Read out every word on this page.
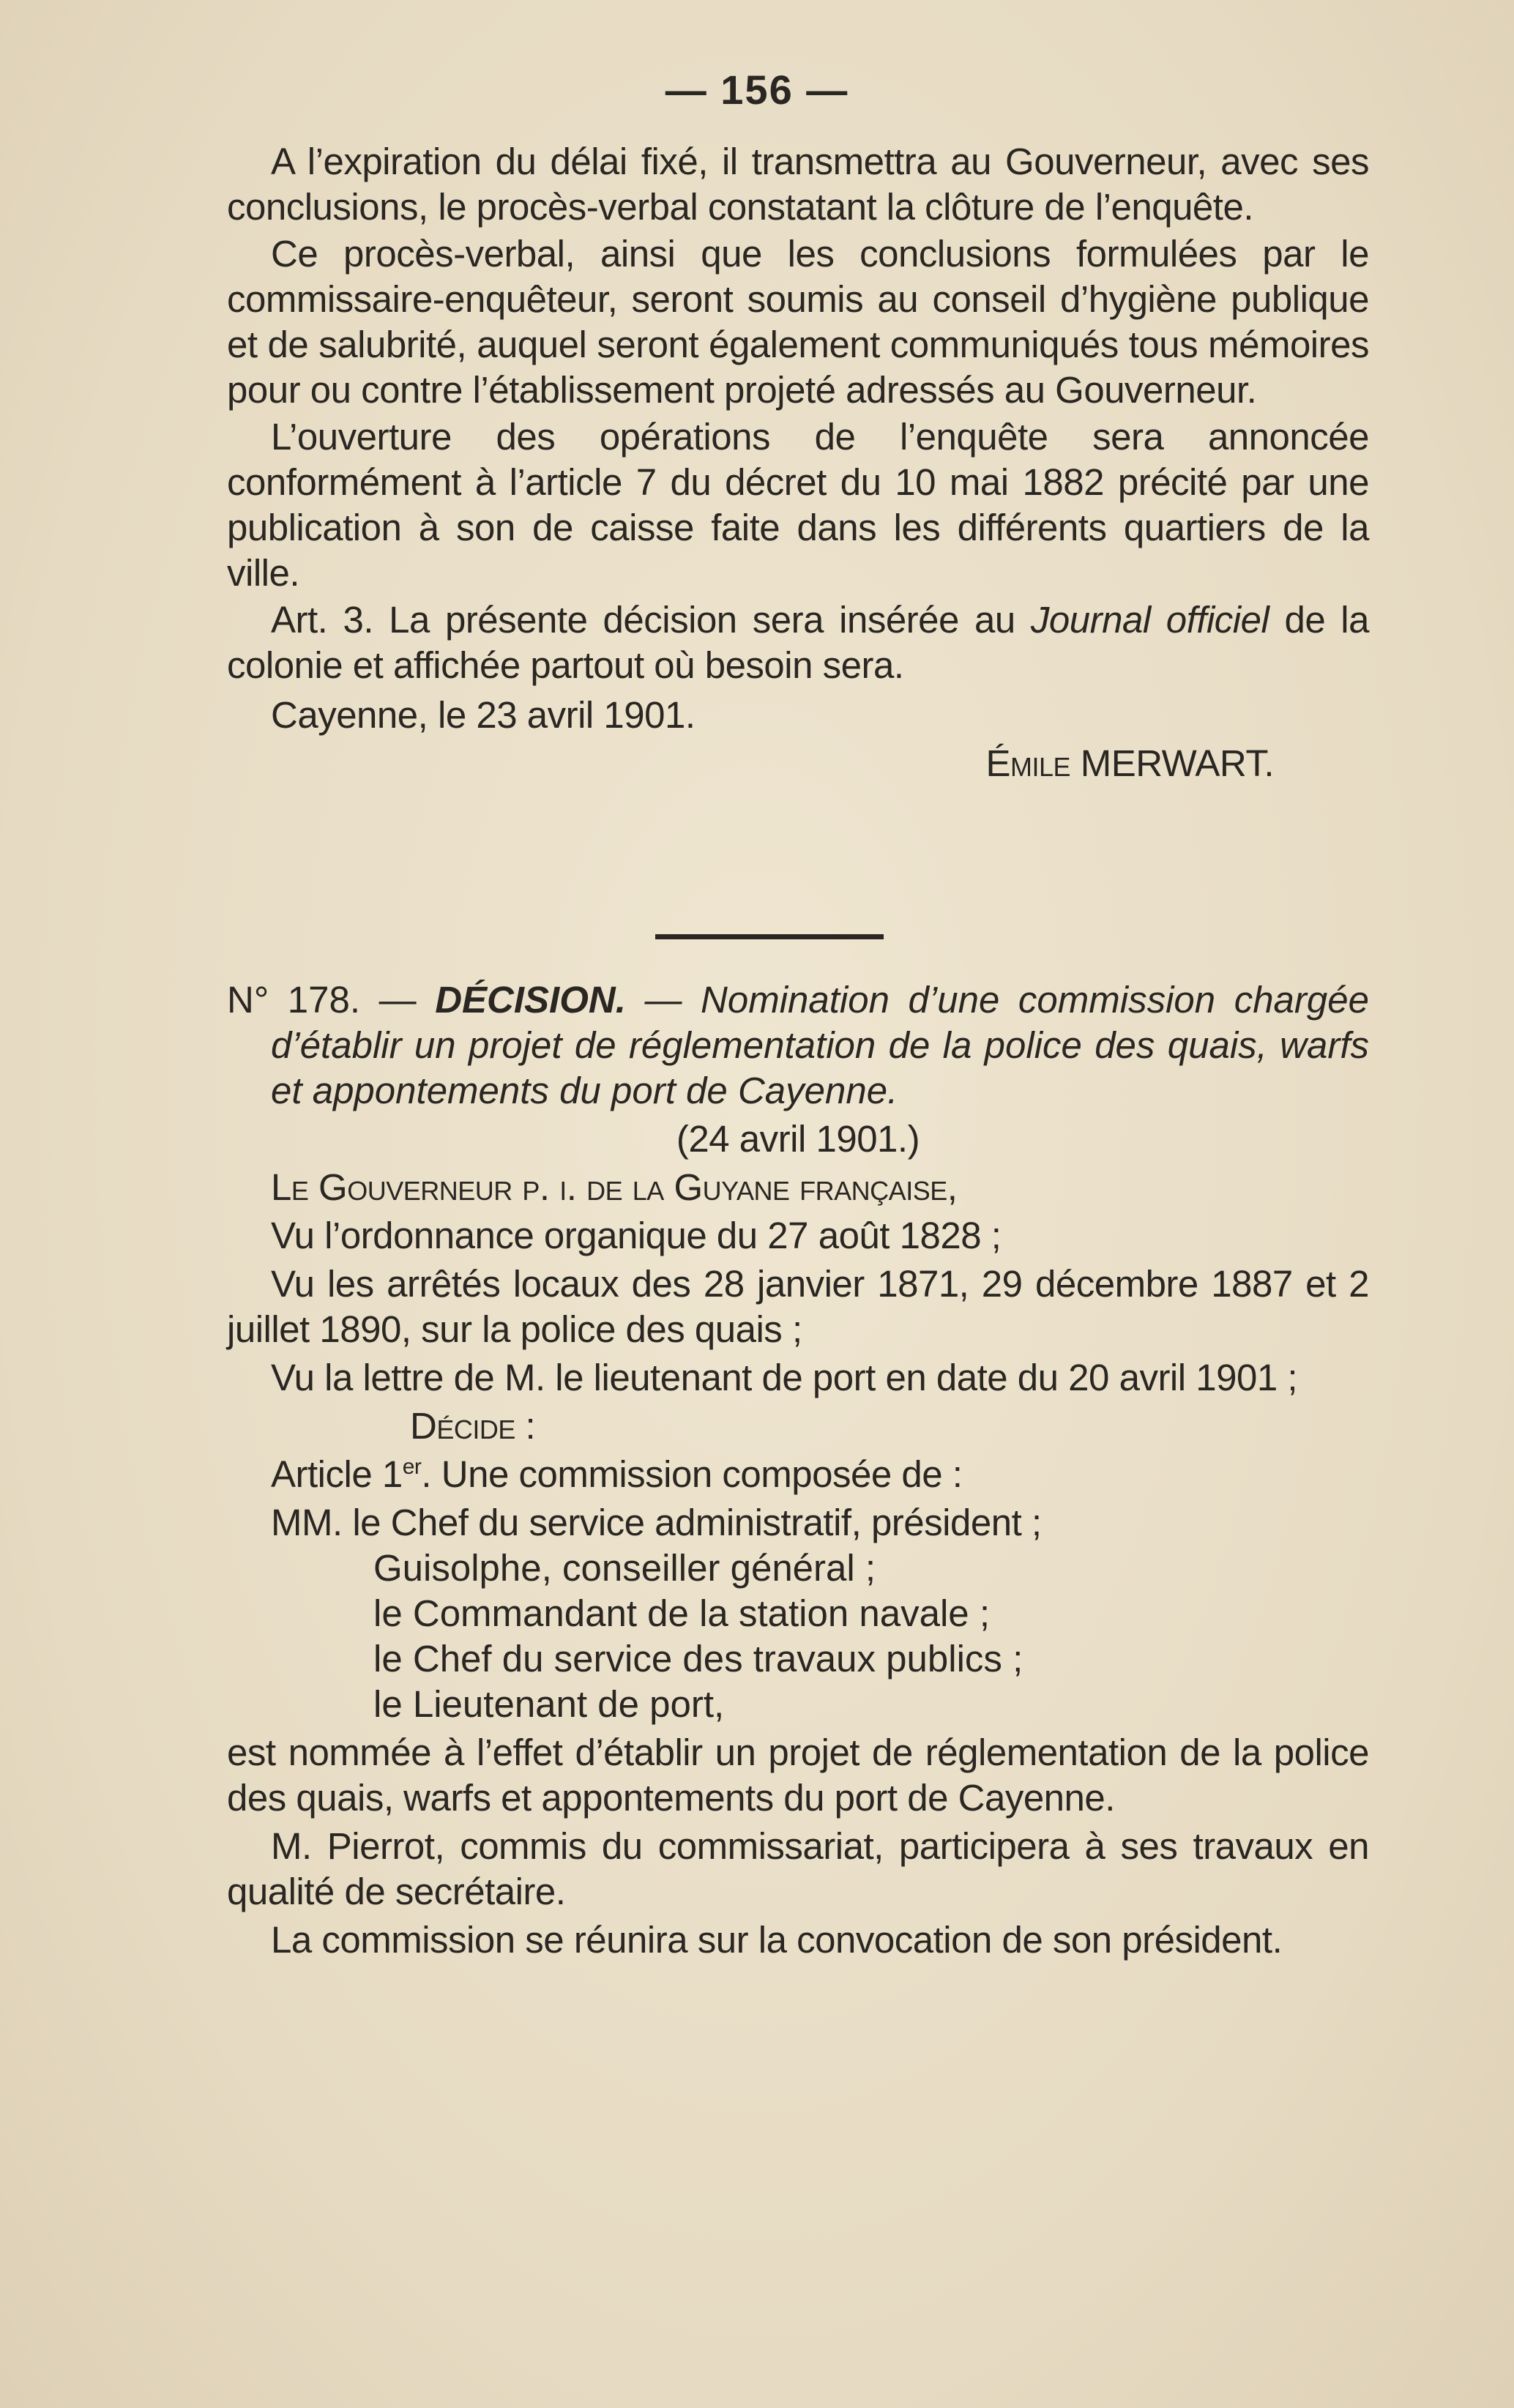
— 156 —

A l’expiration du délai fixé, il transmettra au Gouverneur, avec ses conclusions, le procès-verbal constatant la clôture de l’enquête.

Ce procès-verbal, ainsi que les conclusions formulées par le commissaire-enquêteur, seront soumis au conseil d’hygiène publique et de salubrité, auquel seront également communiqués tous mémoires pour ou contre l’établissement projeté adressés au Gouverneur.

L’ouverture des opérations de l’enquête sera annoncée conformément à l’article 7 du décret du 10 mai 1882 précité par une publication à son de caisse faite dans les différents quartiers de la ville.

Art. 3. La présente décision sera insérée au Journal officiel de la colonie et affichée partout où besoin sera.

Cayenne, le 23 avril 1901.

Émile MERWART.

N° 178. — DÉCISION. — Nomination d’une commission chargée d’établir un projet de réglementation de la police des quais, warfs et appontements du port de Cayenne.

(24 avril 1901.)

Le Gouverneur p. i. de la Guyane française,

Vu l’ordonnance organique du 27 août 1828 ;

Vu les arrêtés locaux des 28 janvier 1871, 29 décembre 1887 et 2 juillet 1890, sur la police des quais ;

Vu la lettre de M. le lieutenant de port en date du 20 avril 1901 ;

Décide :

Article 1er. Une commission composée de :

MM. le Chef du service administratif, président ;

Guisolphe, conseiller général ;
le Commandant de la station navale ;
le Chef du service des travaux publics ;
le Lieutenant de port,

est nommée à l’effet d’établir un projet de réglementation de la police des quais, warfs et appontements du port de Cayenne.

M. Pierrot, commis du commissariat, participera à ses travaux en qualité de secrétaire.

La commission se réunira sur la convocation de son président.
